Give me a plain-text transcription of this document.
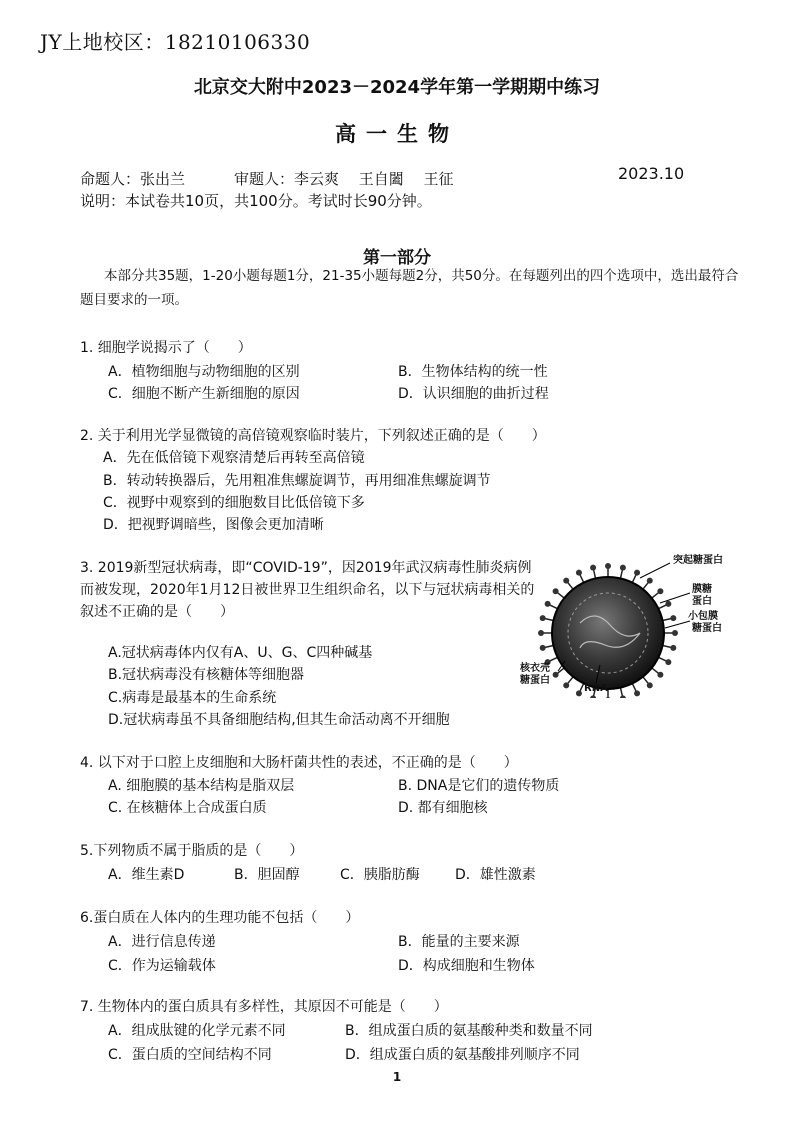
JY上地校区：18210106330
北京交大附中2023－2024学年第一学期期中练习
高一生物
命题人：张出兰	审题人：李云爽　 王自闔　 王征	2023.10
说明：本试卷共10页，共100分。考试时长90分钟。
第一部分
本部分共35题，1-20小题每题1分，21-35小题每题2分，共50分。在每题列出的四个选项中，选出最符合题目要求的一项。
1. 细胞学说揭示了（　　）
A．植物细胞与动物细胞的区别	B．生物体结构的统一性
C．细胞不断产生新细胞的原因	D．认识细胞的曲折过程
2. 关于利用光学显微镜的高倍镜观察临时装片，下列叙述正确的是（　　）
A．先在低倍镜下观察清楚后再转至高倍镜
B．转动转换器后，先用粗准焦螺旋调节，再用细准焦螺旋调节
C．视野中观察到的细胞数目比低倍镜下多
D．把视野调暗些，图像会更加清晰
3. 2019新型冠状病毒，即“COVID-19”，因2019年武汉病毒性肺炎病例
而被发现，2020年1月12日被世界卫生组织命名，以下与冠状病毒相关的
叙述不正确的是（　　）
A.冠状病毒体内仅有A、U、G、C四种碱基
B.冠状病毒没有核糖体等细胞器
C.病毒是最基本的生命系统
D.冠状病毒虽不具备细胞结构,但其生命活动离不开细胞
突起糖蛋白
膜糖
蛋白
小包膜
糖蛋白
核衣壳
糖蛋白
RNA
4. 以下对于口腔上皮细胞和大肠杆菌共性的表述，不正确的是（　　）
A. 细胞膜的基本结构是脂双层	B. DNA是它们的遗传物质
C. 在核糖体上合成蛋白质	D. 都有细胞核
5.下列物质不属于脂质的是（　　）
A．维生素D	B．胆固醇	C．胰脂肪酶	D．雄性激素
6.蛋白质在人体内的生理功能不包括（　　）
A．进行信息传递	B．能量的主要来源
C．作为运输载体	D．构成细胞和生物体
7. 生物体内的蛋白质具有多样性，其原因不可能是（　　）
A．组成肽键的化学元素不同	B．组成蛋白质的氨基酸种类和数量不同
C．蛋白质的空间结构不同	D．组成蛋白质的氨基酸排列顺序不同
1
